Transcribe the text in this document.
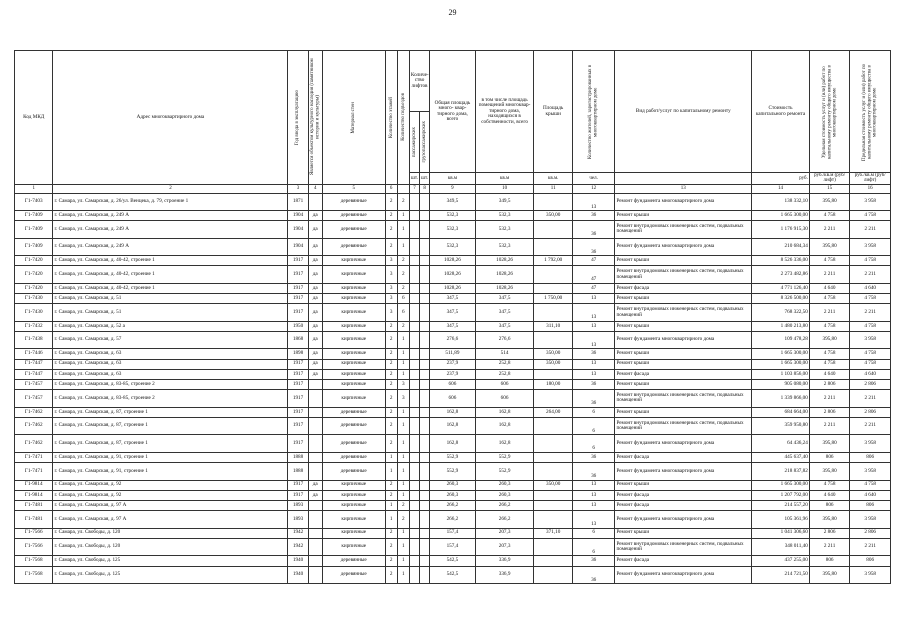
29
Код МКД	Адрес многоквартирного дома	Год ввода в эксплуатацию	Является объектом культурного наследия (памятником истории и культуры)	Материал стен	Количество этажей	Количество подъездов	Количе- ство лифтов		Общая площадь много- квар- тирного дома, всего	в том числе площадь помещений многоквар- тирного дома, находящихся в собственности, всего	Площадь крыши	Количество жителей, зарегистрированных в многоквартирном доме	Вид работ/услуг по капитальному ремонту	Стоимость капитального ремонта	Удельная стоимость услуг и (или) работ по капитальному ремонту общего имущества в многоквартирном доме	Предельная стоимость услуг и (или) работ по капитальному ремонту общего имущества в многоквартирном доме

							пассажирских	грузопассажирских								

							шт.	шт.	кв.м	кв.м	кв.м.	чел.		руб.	руб./кв.м (руб/лифт)	руб./кв.м (руб/лифт)
1	2	3	4	5	6		7	8	9	10	11	12	13	14	15	16
Г1-7403	г. Самара, ул. Самарская, д. 26/ул. Венцека, д. 79, строение 1	1871		деревянные	2	2			349,5	349,5		13	Ремонт фундамента многоквартирного дома	138 332,10	395,80	3 958
Г1-7409	г. Самара, ул. Самарская, д. 249 А	1904	да	деревянные	2	1			532,3	532,3	350,00	36	Ремонт крыши	1 665 300,00	4 758	4 758
Г1-7409	г. Самара, ул. Самарская, д. 249 А	1904	да	деревянные	2	1			532,3	532,3		36	Ремонт внутридомовых инженерных систем, подвальных помещений	1 176 915,30	2 211	2 211
Г1-7409	г. Самара, ул. Самарская, д. 249 А	1904	да	деревянные	2	1			532,3	532,3		36	Ремонт фундамента многоквартирного дома	210 684,34	395,80	3 958
Г1-7420	г. Самара, ул. Самарская, д. 40-42, строение 1	1917	да	кирпичные	3	2			1028,26	1028,26	1 792,00	47	Ремонт крыши	8 526 336,00	4 758	4 758
Г1-7420	г. Самара, ул. Самарская, д. 40-42, строение 1	1917	да	кирпичные	3	2			1028,26	1028,26		47	Ремонт внутридомовых инженерных систем, подвальных помещений	2 273 482,86	2 211	2 211
Г1-7420	г. Самара, ул. Самарская, д. 40-42, строение 1	1917	да	кирпичные	3	2			1028,26	1028,26		47	Ремонт фасада	4 771 126,40	4 640	4 640
Г1-7430	г. Самара, ул. Самарская, д. 51	1917	да	кирпичные	3	6			347,5	347,5	1 750,00	13	Ремонт крыши	8 326 500,00	4 758	4 758
Г1-7430	г. Самара, ул. Самарская, д. 51	1917	да	кирпичные	3	6			347,5	347,5		13	Ремонт внутридомовых инженерных систем, подвальных помещений	768 322,50	2 211	2 211
Г1-7432	г. Самара, ул. Самарская, д. 52 а	1950	да	кирпичные	2	2			347,5	347,5	311,10	13	Ремонт крыши	1 480 213,80	4 758	4 758
Г1-7438	г. Самара, ул. Самарская, д. 57	1868	да	кирпичные	2	1			276,6	276,6		13	Ремонт фундамента многоквартирного дома	109 478,28	395,80	3 958
Г1-7446	г. Самара, ул. Самарская, д. 63	1898	да	кирпичные	2	1			511,89	514	350,00	36	Ремонт крыши	1 665 300,00	4 758	4 758
Г1-7447	г. Самара, ул. Самарская, д. 63	1917	да	кирпичные	2	1			237,9	252,8	350,00	13	Ремонт крыши	1 665 300,00	4 758	4 758
Г1-7447	г. Самара, ул. Самарская, д. 63	1917	да	кирпичные	2	1			237,9	252,8		13	Ремонт фасада	1 103 856,00	4 640	4 640
Г1-7457	г. Самара, ул. Самарская, д. 83-85, строение 2	1917		кирпичные	2	3			606	606	180,00	36	Ремонт крыши	905 080,00	2 806	2 806
Г1-7457	г. Самара, ул. Самарская, д. 83-85, строение 2	1917		кирпичные	2	3			606	606		36	Ремонт внутридомовых инженерных систем, подвальных помещений	1 339 866,00	2 211	2 211
Г1-7462	г. Самара, ул. Самарская, д. 87, строение 1	1917		деревянные	2	1			162,8	162,8	264,00	6	Ремонт крыши	684 664,00	2 806	2 806
Г1-7462	г. Самара, ул. Самарская, д. 87, строение 1	1917		деревянные	2	1			162,8	162,8		6	Ремонт внутридомовых инженерных систем, подвальных помещений	359 950,80	2 211	2 211
Г1-7462	г. Самара, ул. Самарская, д. 87, строение 1	1917		деревянные	2	1			162,8	162,8		6	Ремонт фундамента многоквартирного дома	64 436,24	395,80	3 958
Г1-7471	г. Самара, ул. Самарская, д. 91, строение 1	1888		деревянные	1	1			552,9	552,9		36	Ремонт фасада	445 637,40	806	806
Г1-7471	г. Самара, ул. Самарская, д. 91, строение 1	1888		деревянные	1	1			552,9	552,9		36	Ремонт фундамента многоквартирного дома	218 837,82	395,80	3 958
Г1-9814	г. Самара, ул. Самарская, д. 92	1917	да	кирпичные	2	1			260,3	260,3	350,00	13	Ремонт крыши	1 665 300,00	4 758	4 758
Г1-9814	г. Самара, ул. Самарская, д. 92	1917	да	кирпичные	2	1			260,3	260,3		13	Ремонт фасада	1 207 792,00	4 640	4 640
Г1-7481	г. Самара, ул. Самарская, д. 97 А	1893		кирпичные	1	2			266,2	266,2		13	Ремонт фасада	214 557,20	806	806
Г1-7481	г. Самара, ул. Самарская, д. 97 А	1893		кирпичные	1	2			266,2	266,2		13	Ремонт фундамента многоквартирного дома	105 361,96	395,80	3 958
Г1-7566	г. Самара, ул. Свободы, д. 120	1942		кирпичные	2	1			157,4	207,3	371,10	6	Ремонт крыши	1 041 306,60	2 806	2 806
Г1-7566	г. Самара, ул. Свободы, д. 120	1942		кирпичные	2	1			157,4	207,3		6	Ремонт внутридомовых инженерных систем, подвальных помещений	348 011,40	2 211	2 211
Г1-7568	г. Самара, ул. Свободы, д. 125	1940		деревянные	2	1			542,5	336,9		36	Ремонт фасада	437 255,00	806	806
Г1-7568	г. Самара, ул. Свободы, д. 125	1940		деревянные	2	1			542,5	336,9		36	Ремонт фундамента многоквартирного дома	214 721,50	395,80	3 958
